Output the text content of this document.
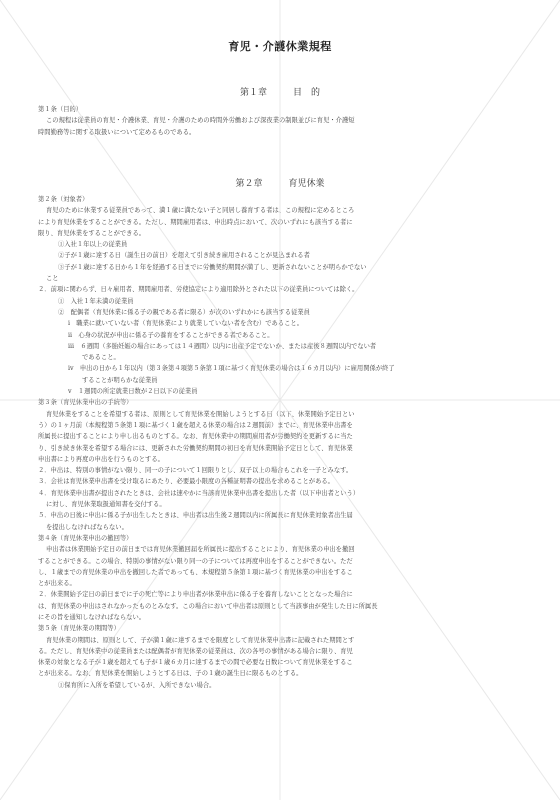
育児・介護休業規程
第１章	目　的
第１条（目的）
この規程は従業員の育児・介護休業、育児・介護のための時間外労働および深夜業の制限並びに育児・介護短
時間勤務等に関する取扱いについて定めるものである。
第２章	育児休業
第２条（対象者）
育児のために休業する従業員であって、満１歳に満たない子と同居し養育する者は、この規程に定めるところ
により育児休業をすることができる。ただし、期間雇用者は、申出時点において、次のいずれにも該当する者に
限り、育児休業をすることができる。
①入社１年以上の従業員
②子が１歳に達する日（誕生日の前日）を超えて引き続き雇用されることが見込まれる者
③子が１歳に達する日から１年を経過する日までに労働契約期間が満了し、更新されないことが明らかでない
こと
２．前項に関わらず、日々雇用者、期間雇用者、労使協定により適用除外とされた以下の従業員については除く。
①　入社１年未満の従業員
②　配偶者（育児休業に係る子の親である者に限る）が次のいずれかにも該当する従業員
ⅰ　職業に就いていない者（育児休業により就業していない者を含む）であること。
ⅱ　心身の状況が申出に係る子の養育をすることができる者であること。
ⅲ　６週間（多胎妊娠の場合にあっては１４週間）以内に出産予定でないか、または産後８週間以内でない者
であること。
ⅳ　申出の日から１年以内（第３条第４項第５条第１項に基づく育児休業の場合は１６カ月以内）に雇用関係が終了
することが明らかな従業員
ⅴ　１週間の所定就業日数が２日以下の従業員
第３条（育児休業申出の手続等）
育児休業をすることを希望する者は、原則として育児休業を開始しようとする日（以下、休業開始予定日とい
う）の１ヶ月前（本規程第５条第１項に基づく１歳を超える休業の場合は２週間前）までに、育児休業申出書を
所属長に提出することにより申し出るものとする。なお、育児休業中の期間雇用者が労働契約を更新するに当た
り、引き続き休業を希望する場合には、更新された労働契約期間の初日を育児休業開始予定日として、育児休業
申出書により再度の申出を行うものとする。
２．申出は、特別の事情がない限り、同一の子について１回限りとし、双子以上の場合もこれを一子とみなす。
３．会社は育児休業申出書を受け取るにあたり、必要最小限度の各種証明書の提出を求めることがある。
４．育児休業申出書が提出されたときは、会社は速やかに当該育児休業申出書を提出した者（以下申出者という）
に対し、育児休業取扱通知書を交付する。
５．申出の日後に申出に係る子が出生したときは、申出者は出生後２週間以内に所属長に育児休業対象者出生届
を提出しなければならない。
第４条（育児休業申出の撤回等）
申出者は休業開始予定日の前日までは育児休業撤回届を所属長に提出することにより、育児休業の申出を撤回
することができる。この場合、特別の事情がない限り同一の子については再度申出をすることができない。ただ
し、１歳までの育児休業の申出を撤回した者であっても、本規程第５条第１項に基づく育児休業の申出をするこ
とが出来る。
２．休業開始予定日の前日までに子の死亡等により申出者が休業申出に係る子を養育しないこととなった場合に
は、育児休業の申出はされなかったものとみなす。この場合において申出者は原則として当該事由が発生した日に所属長
にその旨を通知しなければならない。
第５条（育児休業の期間等）
育児休業の期間は、原則として、子が満１歳に達するまでを限度として育児休業申出書に記載された期間とす
る。ただし、育児休業中の従業員または配偶者が育児休業の従業員は、次の各号の事情がある場合に限り、育児
休業の対象となる子が１歳を超えても子が１歳６カ月に達するまでの間で必要な日数について育児休業をするこ
とが出来る。なお、育児休業を開始しようとする日は、子の１歳の誕生日に限るものとする。
①保育所に入所を希望しているが、入所できない場合。
